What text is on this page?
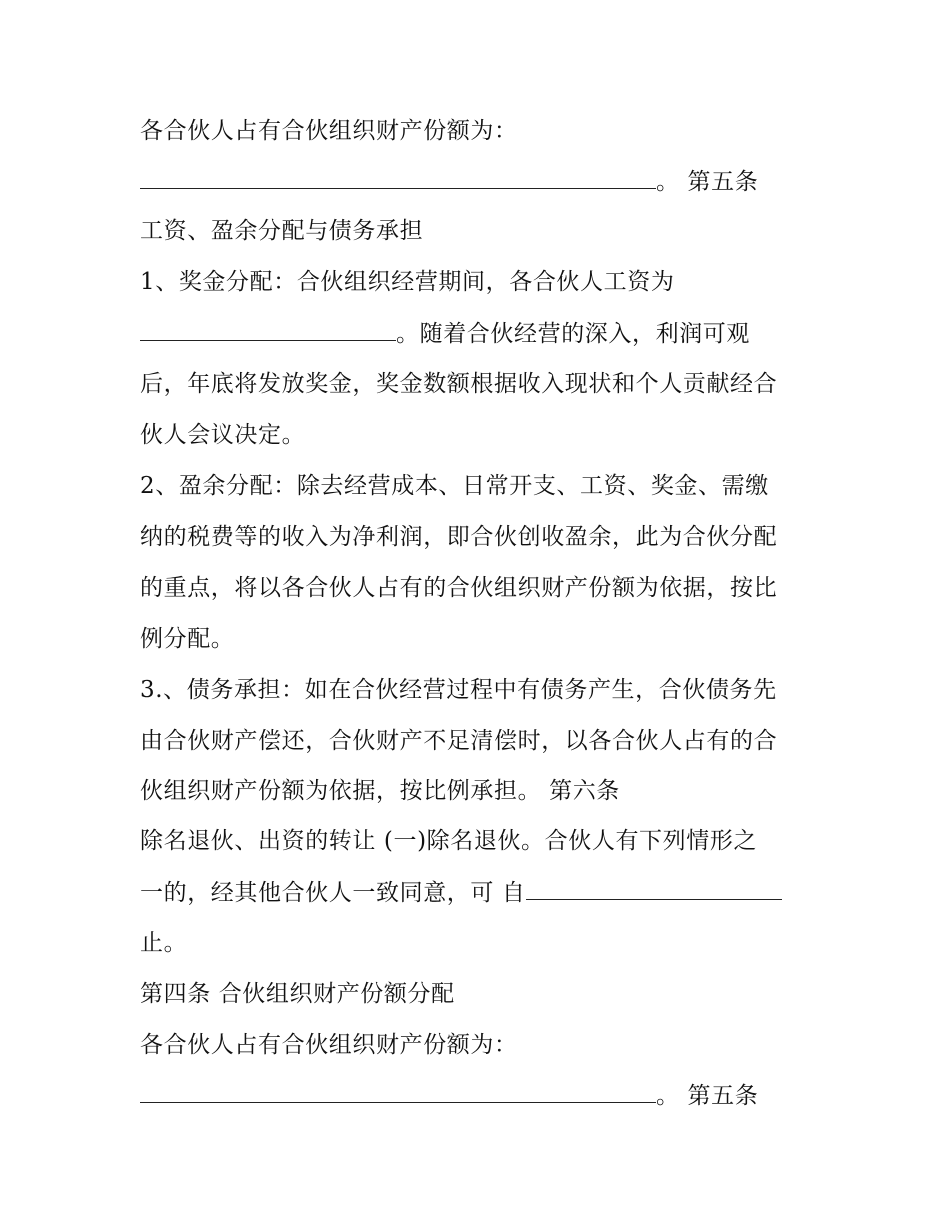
各合伙人占有合伙组织财产份额为：
。 第五条
工资、盈余分配与债务承担
1、奖金分配：合伙组织经营期间，各合伙人工资为
。随着合伙经营的深入，利润可观
后，年底将发放奖金，奖金数额根据收入现状和个人贡献经合
伙人会议决定。
2、盈余分配：除去经营成本、日常开支、工资、奖金、需缴
纳的税费等的收入为净利润，即合伙创收盈余，此为合伙分配
的重点，将以各合伙人占有的合伙组织财产份额为依据，按比
例分配。
3.、债务承担：如在合伙经营过程中有债务产生，合伙债务先
由合伙财产偿还，合伙财产不足清偿时，以各合伙人占有的合
伙组织财产份额为依据，按比例承担。 第六条
除名退伙、出资的转让 (一)除名退伙。合伙人有下列情形之
一的，经其他合伙人一致同意，可 自
止。
第四条 合伙组织财产份额分配
各合伙人占有合伙组织财产份额为：
。 第五条
